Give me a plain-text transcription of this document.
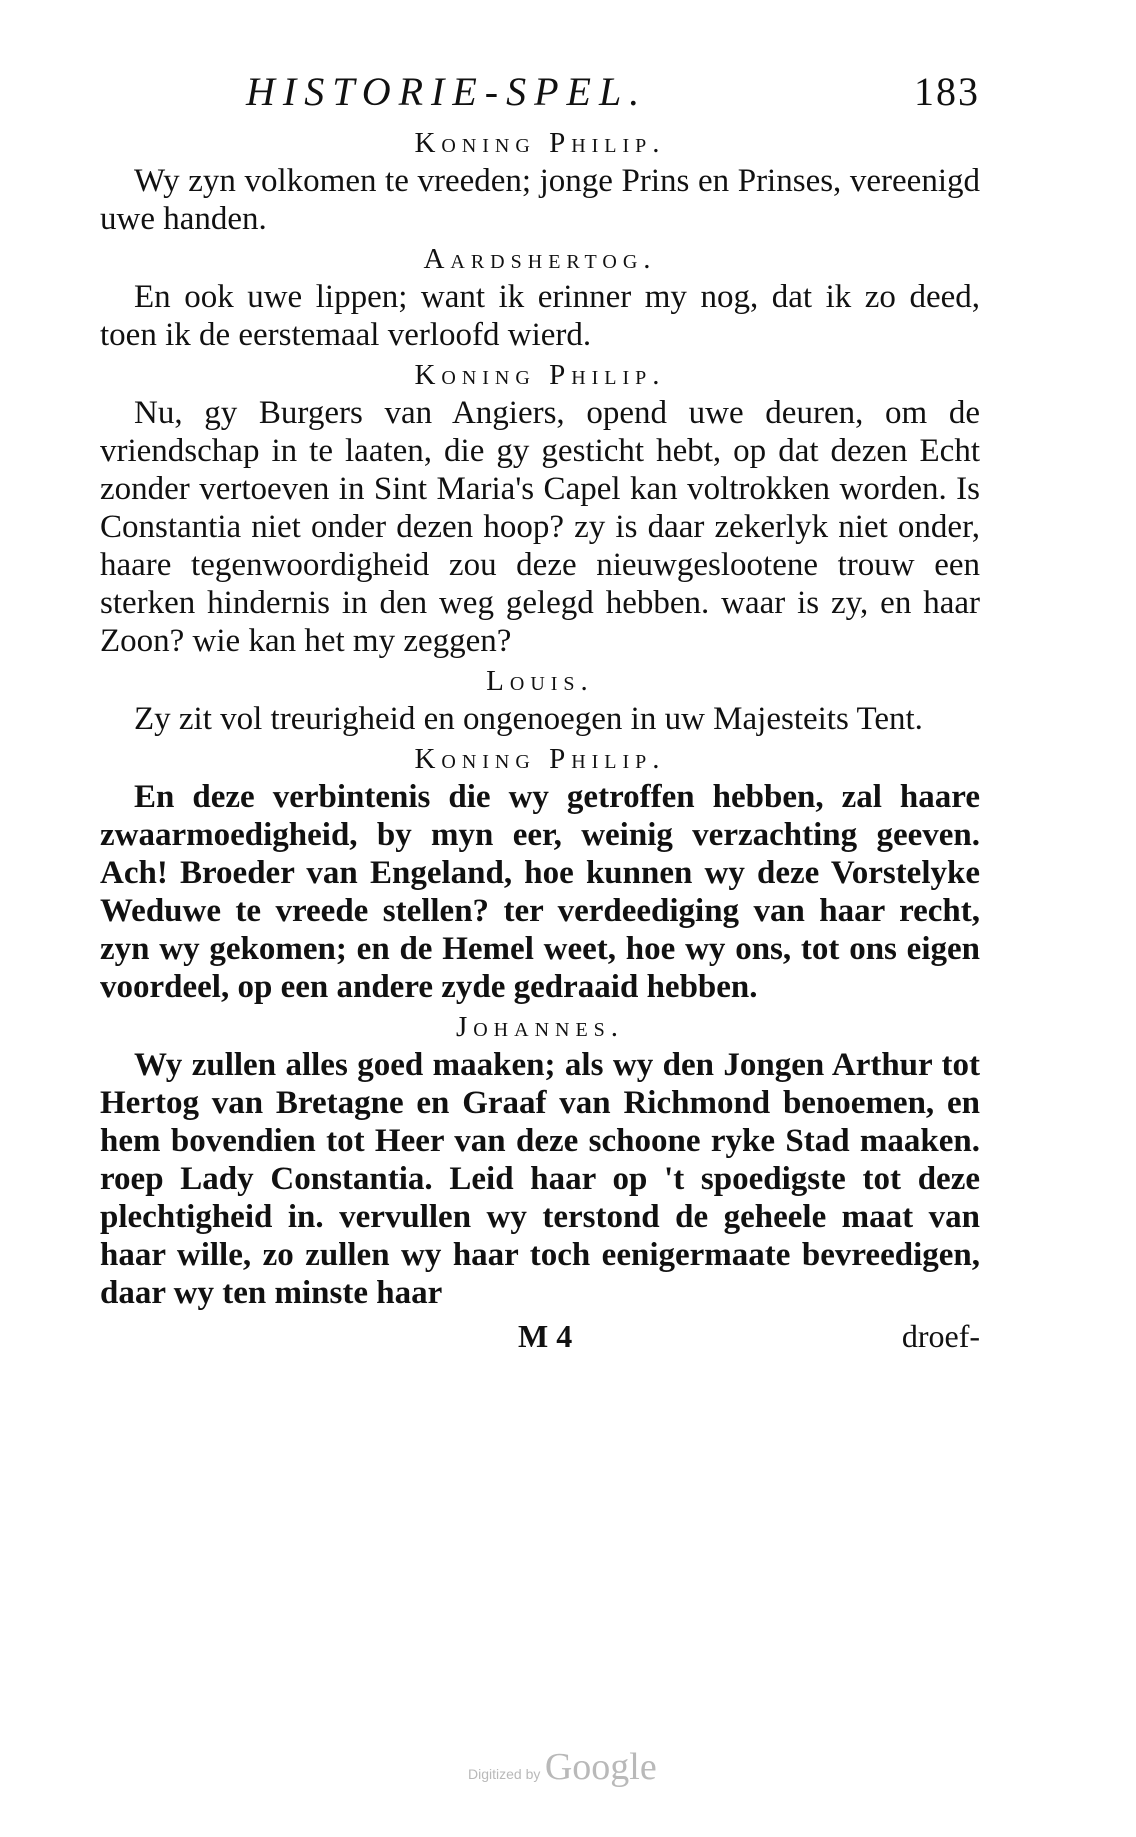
HISTORIE-SPEL.	183
Koning Philip.

Wy zyn volkomen te vreeden; jonge Prins en Prinses, vereenigd uwe handen.

Aardshertog.

En ook uwe lippen; want ik erinner my nog, dat ik zo deed, toen ik de eerstemaal verloofd wierd.

Koning Philip.

Nu, gy Burgers van Angiers, opend uwe deuren, om de vriendschap in te laaten, die gy gesticht hebt, op dat dezen Echt zonder vertoeven in Sint Maria's Capel kan voltrokken worden. Is Constantia niet onder dezen hoop? zy is daar zekerlyk niet onder, haare tegenwoordigheid zou deze nieuwgeslootene trouw een sterken hindernis in den weg gelegd hebben. waar is zy, en haar Zoon? wie kan het my zeggen?

Louis.

Zy zit vol treurigheid en ongenoegen in uw Majesteits Tent.

Koning Philip.

En deze verbintenis die wy getroffen hebben, zal haare zwaarmoedigheid, by myn eer, weinig verzachting geeven. Ach! Broeder van Engeland, hoe kunnen wy deze Vorstelyke Weduwe te vreede stellen? ter verdeediging van haar recht, zyn wy gekomen; en de Hemel weet, hoe wy ons, tot ons eigen voordeel, op een andere zyde gedraaid hebben.

Johannes.

Wy zullen alles goed maaken; als wy den Jongen Arthur tot Hertog van Bretagne en Graaf van Richmond benoemen, en hem bovendien tot Heer van deze schoone ryke Stad maaken. roep Lady Constantia. Leid haar op 't spoedigste tot deze plechtigheid in. vervullen wy terstond de geheele maat van haar wille, zo zullen wy haar toch eenigermaate bevreedigen, daar wy ten minste haar

M 4	droef-
Digitized by Google
